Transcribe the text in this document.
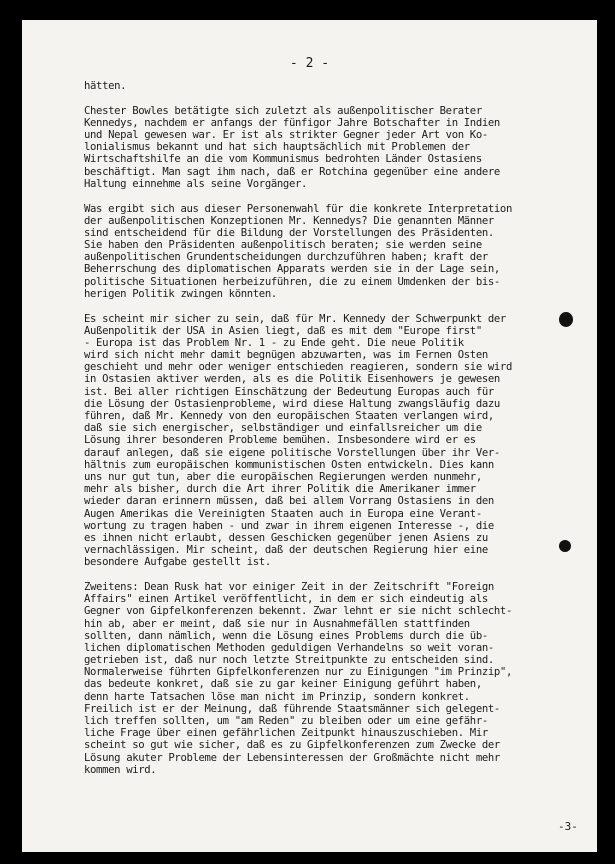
- 2 -
hätten.
Chester Bowles betätigte sich zuletzt als außenpolitischer Berater
Kennedys, nachdem er anfangs der fünfigor Jahre Botschafter in Indien
und Nepal gewesen war. Er ist als strikter Gegner jeder Art von Ko-
lonialismus bekannt und hat sich hauptsächlich mit Problemen der
Wirtschaftshilfe an die vom Kommunismus bedrohten Länder Ostasiens
beschäftigt. Man sagt ihm nach, daß er Rotchina gegenüber eine andere
Haltung einnehme als seine Vorgänger.
Was ergibt sich aus dieser Personenwahl für die konkrete Interpretation
der außenpolitischen Konzeptionen Mr. Kennedys? Die genannten Männer
sind entscheidend für die Bildung der Vorstellungen des Präsidenten.
Sie haben den Präsidenten außenpolitisch beraten; sie werden seine
außenpolitischen Grundentscheidungen durchzuführen haben; kraft der
Beherrschung des diplomatischen Apparats werden sie in der Lage sein,
politische Situationen herbeizuführen, die zu einem Umdenken der bis-
herigen Politik zwingen könnten.
Es scheint mir sicher zu sein, daß für Mr. Kennedy der Schwerpunkt der
Außenpolitik der USA in Asien liegt, daß es mit dem "Europe first"
- Europa ist das Problem Nr. 1 - zu Ende geht. Die neue Politik
wird sich nicht mehr damit begnügen abzuwarten, was im Fernen Osten
geschieht und mehr oder weniger entschieden reagieren, sondern sie wird
in Ostasien aktiver werden, als es die Politik Eisenhowers je gewesen
ist. Bei aller richtigen Einschätzung der Bedeutung Europas auch für
die Lösung der Ostasienprobleme, wird diese Haltung zwangsläufig dazu
führen, daß Mr. Kennedy von den europäischen Staaten verlangen wird,
daß sie sich energischer, selbständiger und einfallsreicher um die
Lösung ihrer besonderen Probleme bemühen. Insbesondere wird er es
darauf anlegen, daß sie eigene politische Vorstellungen über ihr Ver-
hältnis zum europäischen kommunistischen Osten entwickeln. Dies kann
uns nur gut tun, aber die europäischen Regierungen werden nunmehr,
mehr als bisher, durch die Art ihrer Politik die Amerikaner immer
wieder daran erinnern müssen, daß bei allem Vorrang Ostasiens in den
Augen Amerikas die Vereinigten Staaten auch in Europa eine Verant-
wortung zu tragen haben - und zwar in ihrem eigenen Interesse -, die
es ihnen nicht erlaubt, dessen Geschicken gegenüber jenen Asiens zu
vernachlässigen. Mir scheint, daß der deutschen Regierung hier eine
besondere Aufgabe gestellt ist.
Zweitens: Dean Rusk hat vor einiger Zeit in der Zeitschrift "Foreign
Affairs" einen Artikel veröffentlicht, in dem er sich eindeutig als
Gegner von Gipfelkonferenzen bekennt. Zwar lehnt er sie nicht schlecht-
hin ab, aber er meint, daß sie nur in Ausnahmefällen stattfinden
sollten, dann nämlich, wenn die Lösung eines Problems durch die üb-
lichen diplomatischen Methoden geduldigen Verhandelns so weit voran-
getrieben ist, daß nur noch letzte Streitpunkte zu entscheiden sind.
Normalerweise führten Gipfelkonferenzen nur zu Einigungen "im Prinzip",
das bedeute konkret, daß sie zu gar keiner Einigung geführt haben,
denn harte Tatsachen löse man nicht im Prinzip, sondern konkret.
Freilich ist er der Meinung, daß führende Staatsmänner sich gelegent-
lich treffen sollten, um "am Reden" zu bleiben oder um eine gefähr-
liche Frage über einen gefährlichen Zeitpunkt hinauszuschieben. Mir
scheint so gut wie sicher, daß es zu Gipfelkonferenzen zum Zwecke der
Lösung akuter Probleme der Lebensinteressen der Großmächte nicht mehr
kommen wird.
-3-
